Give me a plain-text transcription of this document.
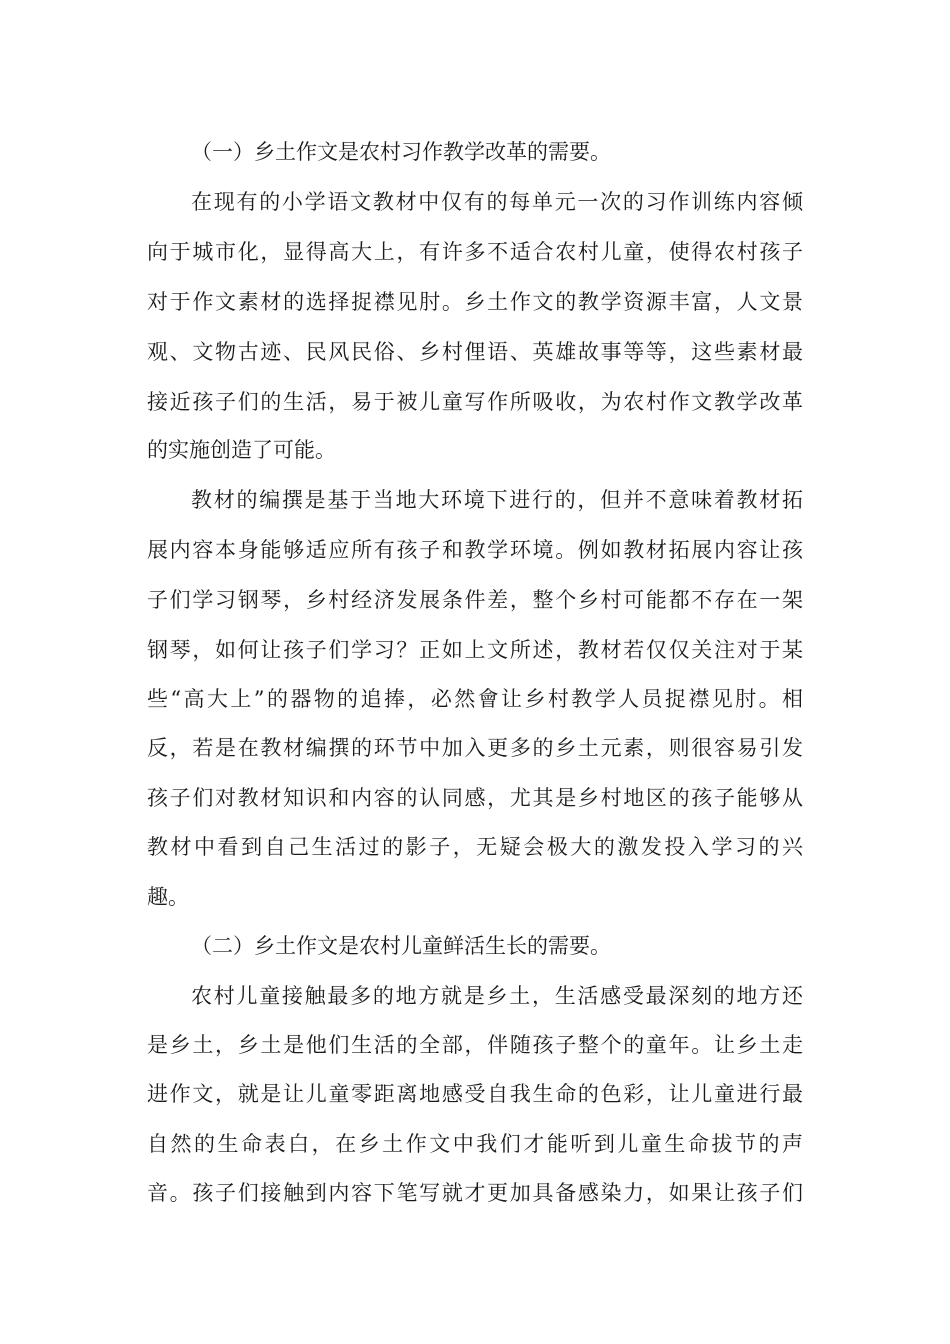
（一）乡土作文是农村习作教学改革的需要。
在现有的小学语文教材中仅有的每单元一次的习作训练内容倾
向于城市化，显得高大上，有许多不适合农村儿童，使得农村孩子
对于作文素材的选择捉襟见肘。乡土作文的教学资源丰富，人文景
观、文物古迹、民风民俗、乡村俚语、英雄故事等等，这些素材最
接近孩子们的生活，易于被儿童写作所吸收，为农村作文教学改革
的实施创造了可能。
教材的编撰是基于当地大环境下进行的，但并不意味着教材拓
展内容本身能够适应所有孩子和教学环境。例如教材拓展内容让孩
子们学习钢琴，乡村经济发展条件差，整个乡村可能都不存在一架
钢琴，如何让孩子们学习？正如上文所述，教材若仅仅关注对于某
些“高大上”的器物的追捧，必然會让乡村教学人员捉襟见肘。相
反，若是在教材编撰的环节中加入更多的乡土元素，则很容易引发
孩子们对教材知识和内容的认同感，尤其是乡村地区的孩子能够从
教材中看到自己生活过的影子，无疑会极大的激发投入学习的兴
趣。
（二）乡土作文是农村儿童鲜活生长的需要。
农村儿童接触最多的地方就是乡土，生活感受最深刻的地方还
是乡土，乡土是他们生活的全部，伴随孩子整个的童年。让乡土走
进作文，就是让儿童零距离地感受自我生命的色彩，让儿童进行最
自然的生命表白，在乡土作文中我们才能听到儿童生命拔节的声
音。孩子们接触到内容下笔写就才更加具备感染力，如果让孩子们
